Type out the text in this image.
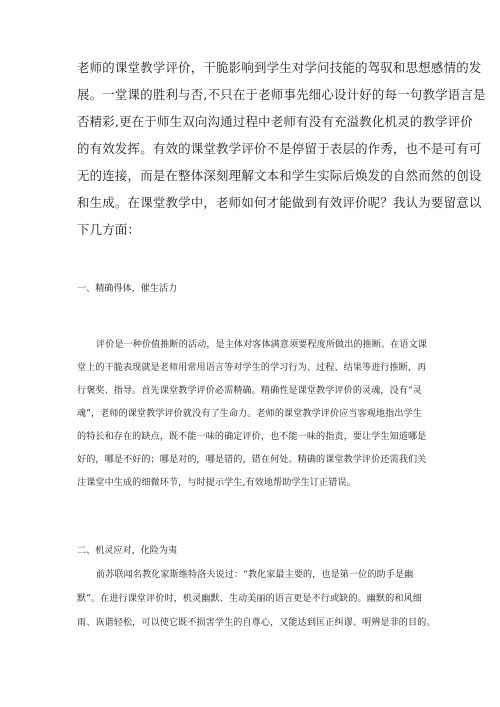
老师的课堂教学评价，干脆影响到学生对学问技能的驾驭和思想感情的发
展。一堂课的胜利与否,不只在于老师事先细心设计好的每一句教学语言是
否精彩,更在于师生双向沟通过程中老师有没有充溢教化机灵的教学评价
的有效发挥。有效的课堂教学评价不是停留于表层的作秀，也不是可有可
无的连接，而是在整体深刻理解文本和学生实际后焕发的自然而然的创设
和生成。在课堂教学中，老师如何才能做到有效评价呢？我认为要留意以
下几方面：
一、精确得体，催生活力
评价是一种价值推断的活动，是主体对客体满意须要程度所做出的推断。在语文课
堂上的干脆表现就是老师用常用语言等对学生的学习行为、过程、结果等进行推断，再
行褒奖、指导。首先课堂教学评价必需精确。精确性是课堂教学评价的灵魂，没有“灵
魂”，老师的课堂教学评价就没有了生命力。老师的课堂教学评价应当客观地指出学生
的特长和存在的缺点，既不能一味的确定评价，也不能一味的指责，要让学生知道哪是
好的，哪是不好的；哪是对的，哪是错的，错在何处。精确的课堂教学评价还需我们关
注课堂中生成的细微环节，与时提示学生,有效地帮助学生订正错误。
二、机灵应对，化险为夷
前苏联闻名教化家斯维特洛夫说过：“教化家最主要的，也是第一位的助手是幽
默”。在进行课堂评价时，机灵幽默、生动美丽的语言更是不行或缺的。幽默的和风细
雨、诙谐轻松，可以使它既不损害学生的自尊心，又能达到匡正纠谬、明辨是非的目的。
